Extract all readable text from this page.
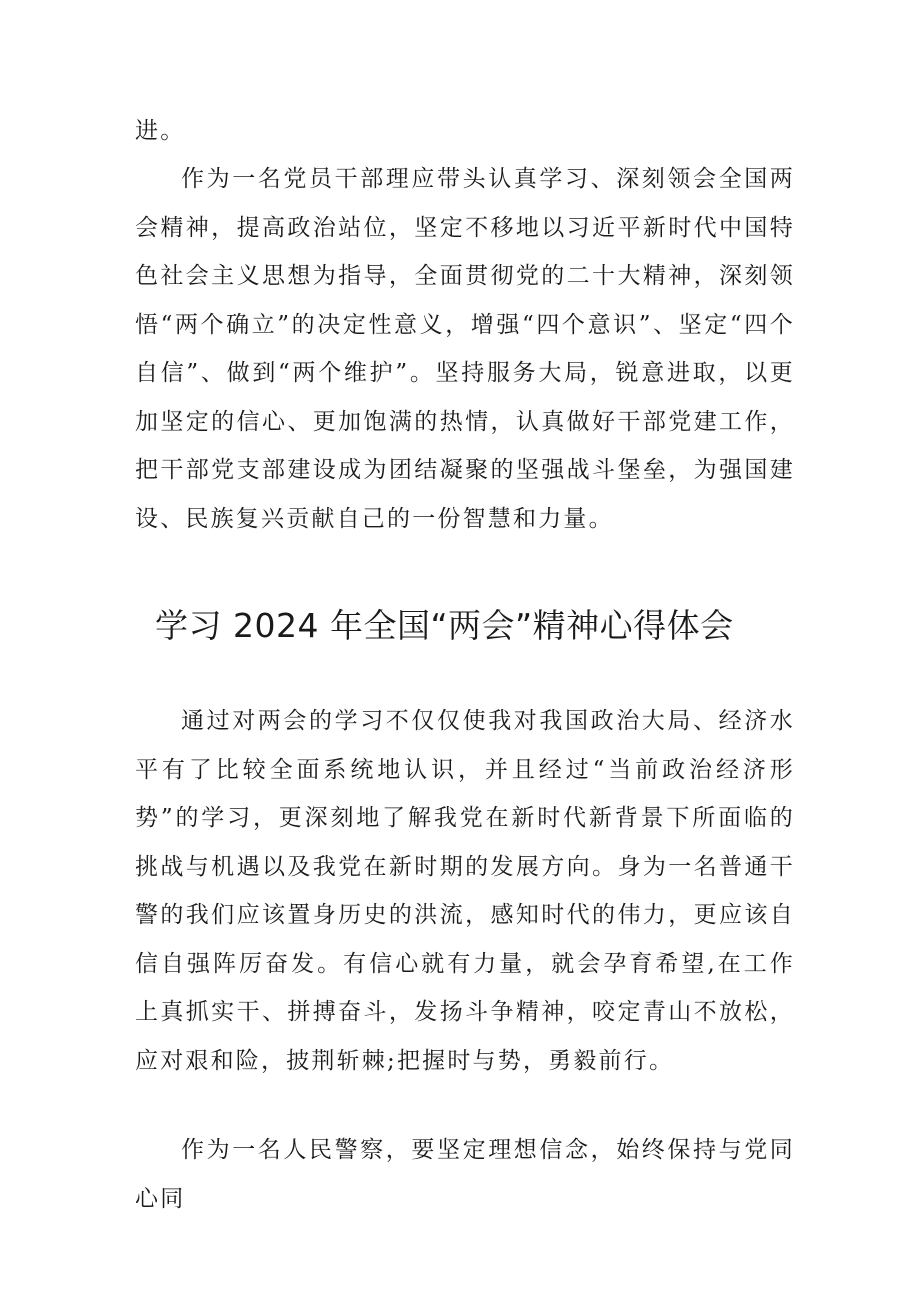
进。

作为一名党员干部理应带头认真学习、深刻领会全国两会精神，提高政治站位，坚定不移地以习近平新时代中国特色社会主义思想为指导，全面贯彻党的二十大精神，深刻领悟“两个确立”的决定性意义，增强“四个意识”、坚定“四个自信”、做到“两个维护”。坚持服务大局，锐意进取，以更加坚定的信心、更加饱满的热情，认真做好干部党建工作，把干部党支部建设成为团结凝聚的坚强战斗堡垒，为强国建设、民族复兴贡献自己的一份智慧和力量。

学习 2024 年全国“两会”精神心得体会

通过对两会的学习不仅仅使我对我国政治大局、经济水平有了比较全面系统地认识，并且经过“当前政治经济形势”的学习，更深刻地了解我党在新时代新背景下所面临的挑战与机遇以及我党在新时期的发展方向。身为一名普通干警的我们应该置身历史的洪流，感知时代的伟力，更应该自信自强阵厉奋发。有信心就有力量，就会孕育希望,在工作上真抓实干、拼搏奋斗，发扬斗争精神，咬定青山不放松，应对艰和险，披荆斩棘;把握时与势，勇毅前行。

作为一名人民警察，要坚定理想信念，始终保持与党同心同
